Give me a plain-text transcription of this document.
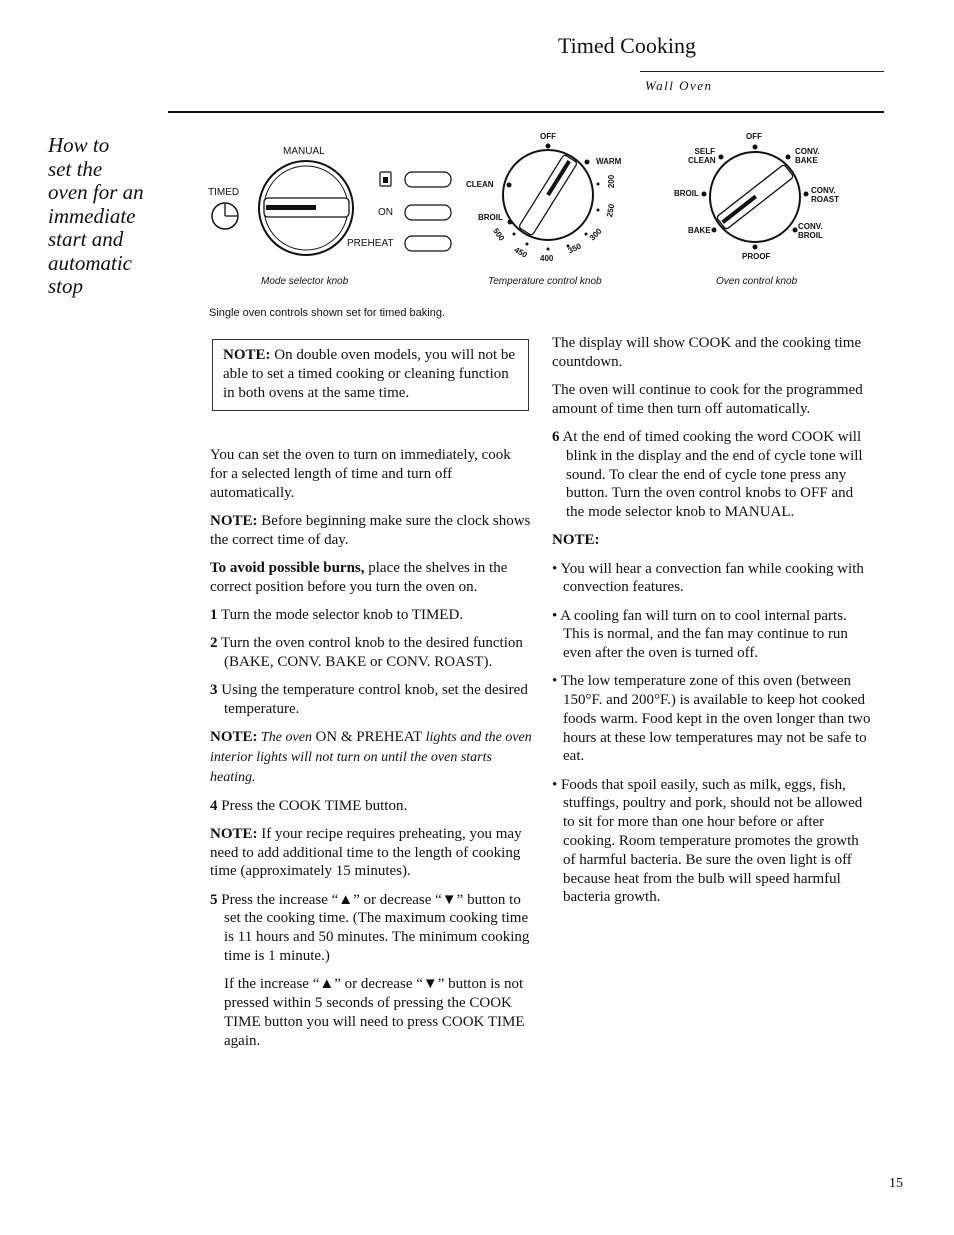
Timed Cooking
Wall Oven
How to
set the
oven for an
immediate
start and
automatic
stop
MANUAL
TIMED
ON
PREHEAT
OFF
WARM
CLEAN
BROIL
200
250
300
350
400
450
500
OFF
SELF
CLEAN
CONV.
BAKE
BROIL	CONV.
ROAST
BAKE	CONV.
BROIL
PROOF
Mode selector knob	Temperature control knob	Oven control knob
Single oven controls shown set for timed baking.
NOTE: On double oven models, you will not be able to set a timed cooking or cleaning function in both ovens at the same time.

You can set the oven to turn on immediately, cook for a selected length of time and turn off automatically.

NOTE: Before beginning make sure the clock shows the correct time of day.

To avoid possible burns, place the shelves in the correct position before you turn the oven on.

1 Turn the mode selector knob to TIMED.

2 Turn the oven control knob to the desired function (BAKE, CONV. BAKE or CONV. ROAST).

3 Using the temperature control knob, set the desired temperature.

NOTE: The oven ON & PREHEAT lights and the oven interior lights will not turn on until the oven starts heating.

4 Press the COOK TIME button.

NOTE: If your recipe requires preheating, you may need to add additional time to the length of cooking time (approximately 15 minutes).

5 Press the increase “▲” or decrease “▼” button to set the cooking time. (The maximum cooking time is 11 hours and 50 minutes. The minimum cooking time is 1 minute.)

If the increase “▲” or decrease “▼” button is not pressed within 5 seconds of pressing the COOK TIME button you will need to press COOK TIME again.

The display will show COOK and the cooking time countdown.

The oven will continue to cook for the programmed amount of time then turn off automatically.

6 At the end of timed cooking the word COOK will blink in the display and the end of cycle tone will sound. To clear the end of cycle tone press any button. Turn the oven control knobs to OFF and the mode selector knob to MANUAL.

NOTE:

• You will hear a convection fan while cooking with convection features.

• A cooling fan will turn on to cool internal parts. This is normal, and the fan may continue to run even after the oven is turned off.

• The low temperature zone of this oven (between 150°F. and 200°F.) is available to keep hot cooked foods warm. Food kept in the oven longer than two hours at these low temperatures may not be safe to eat.

• Foods that spoil easily, such as milk, eggs, fish, stuffings, poultry and pork, should not be allowed to sit for more than one hour before or after cooking. Room temperature promotes the growth of harmful bacteria. Be sure the oven light is off because heat from the bulb will speed harmful bacteria growth.

15
